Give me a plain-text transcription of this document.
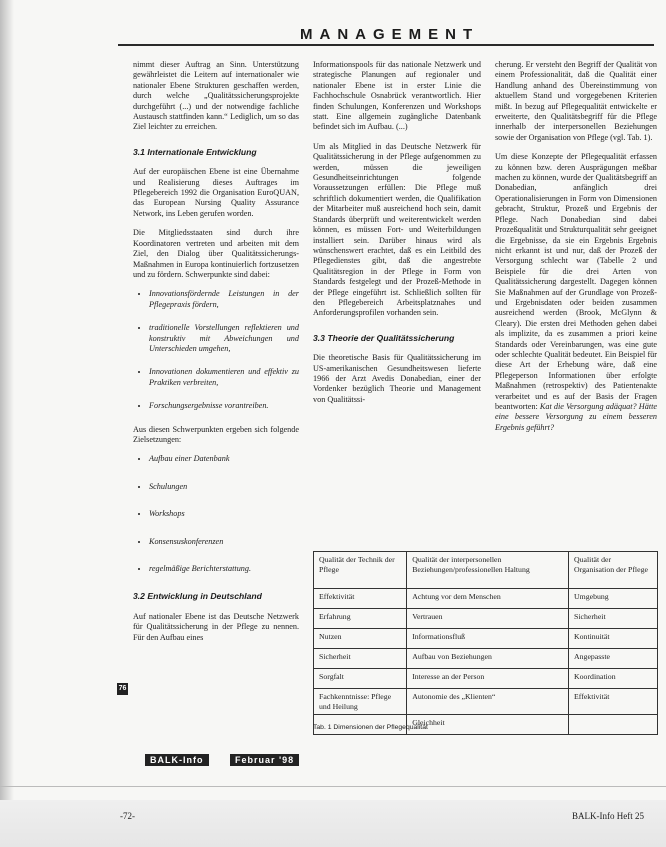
MANAGEMENT

nimmt dieser Auftrag an Sinn. Unterstützung gewährleistet die Leitern auf internationaler wie nationaler Ebene Strukturen geschaffen werden, durch welche „Qualitätssicherungsprojekte durchgeführt (...) und der notwendige fachliche Austausch stattfinden kann.“ Lediglich, um so das Ziel leichter zu erreichen.

3.1 Internationale Entwicklung

Auf der europäischen Ebene ist eine Übernahme und Realisierung dieses Auftrages im Pflegebereich 1992 die Organisation EuroQUAN, das European Nursing Quality Assurance Network, ins Leben gerufen worden.

Die Mitgliedsstaaten sind durch ihre Koordinatoren vertreten und arbeiten mit dem Ziel, den Dialog über Qualitätssicherungs-Maßnahmen in Europa kontinuierlich fortzusetzen und zu fördern. Schwerpunkte sind dabei:

• Innovationsfördernde Leistungen in der Pflegepraxis fördern,
• traditionelle Vorstellungen reflektieren und konstruktiv mit Abweichungen und Unterschieden umgehen,
• Innovationen dokumentieren und effektiv zu Praktiken verbreiten,
• Forschungsergebnisse vorantreiben.

Aus diesen Schwerpunkten ergeben sich folgende Zielsetzungen:

• Aufbau einer Datenbank
• Schulungen
• Workshops
• Konsensuskonferenzen
• regelmäßige Berichterstattung.
3.2 Entwicklung in Deutschland

Auf nationaler Ebene ist das Deutsche Netzwerk für Qualitätssicherung in der Pflege zu nennen. Für den Aufbau eines

76

Informationspools für das nationale Netzwerk und strategische Planungen auf regionaler und nationaler Ebene ist in erster Linie die Fachhochschule Osnabrück verantwortlich. Hier finden Schulungen, Konferenzen und Workshops statt. Eine allgemein zugängliche Datenbank befindet sich im Aufbau. (...)

Um als Mitglied in das Deutsche Netzwerk für Qualitätssicherung in der Pflege aufgenommen zu werden, müssen die jeweiligen Gesundheitseinrichtungen folgende Voraussetzungen erfüllen: Die Pflege muß schriftlich dokumentiert werden, die Qualifikation der Mitarbeiter muß ausreichend hoch sein, damit Standards überprüft und weiterentwickelt werden können, es müssen Fort- und Weiterbildungen installiert sein. Darüber hinaus wird als wünschenswert erachtet, daß es ein Leitbild des Pflegedienstes gibt, daß die angestrebte Qualitätsregion in der Pflege in Form von Standards festgelegt und der Prozeß-Methode in der Pflege eingeführt ist. Schließlich sollten für den Pflegebereich Arbeitsplatznahes und Anforderungsprofilen vorhanden sein.

3.3 Theorie der Qualitätssicherung

Die theoretische Basis für Qualitätssicherung im US-amerikanischen Gesundheitswesen lieferte 1966 der Arzt Avedis Donabedian, einer der Vordenker bezüglich Theorie und Management von Qualitätssi-

cherung. Er versteht den Begriff der Qualität von einem Professionalität, daß die Qualität einer Handlung anhand des Übereinstimmung von aktuellem Stand und vorgegebenen Kriterien mißt. In bezug auf Pflegequalität entwickelte er erweiterte, den Qualitätsbegriff für die Pflege innerhalb der interpersonellen Beziehungen sowie der Organisation von Pflege (vgl. Tab. 1).

Um diese Konzepte der Pflegequalität erfassen zu können bzw. deren Ausprägungen meßbar machen zu können, wurde der Qualitätsbegriff an Donabedian, anfänglich drei Operationalisierungen in Form von Dimensionen gebracht, Struktur, Prozeß und Ergebnis der Pflege. Nach Donabedian sind dabei Prozeßqualität und Strukturqualität sehr geeignet die Ergebnisse, da sie ein Ergebnis Ergebnis nicht erkannt ist und nur, daß der Prozeß der Versorgung schlecht war (Tabelle 2 und Beispiele für die drei Arten von Qualitätssicherung dargestellt. Dagegen können Sie Maßnahmen auf der Grundlage von Prozeß- und Ergebnisdaten oder beiden zusammen ausreichend werden (Brook, McGlynn & Cleary). Die ersten drei Methoden gehen dabei als implizite, da es zusammen a priori keine Standards oder Vereinbarungen, was eine gute oder schlechte Qualität bedeutet. Ein Beispiel für diese Art der Erhebung wäre, daß eine Pflegeperson Informationen über erfolgte Maßnahmen (retrospektiv) des Patientenakte verarbeitet und es auf der Basis der Fragen beantworten: Kat die Versorgung adäquat? Hätte eine bessere Versorgung zu einem besseren Ergebnis geführt?

Qualität der Technik der Pflege	Qualität der interpersonellen Beziehungen/professionellen Haltung	Qualität der Organisation der Pflege
Effektivität	Achtung vor dem Menschen	Umgebung
Erfahrung	Vertrauen	Sicherheit
Nutzen	Informationsfluß	Kontinuität
Sicherheit	Aufbau von Beziehungen	Angepasste
Sorgfalt	Interesse an der Person	Koordination
Fachkenntnisse: Pflege und Heilung	Autonomie des „Klienten“	Effektivität
	Gleichheit	
Tab. 1 Dimensionen der Pflegequalität
BALK-Info	Februar '98
-72-	BALK-Info Heft 25
